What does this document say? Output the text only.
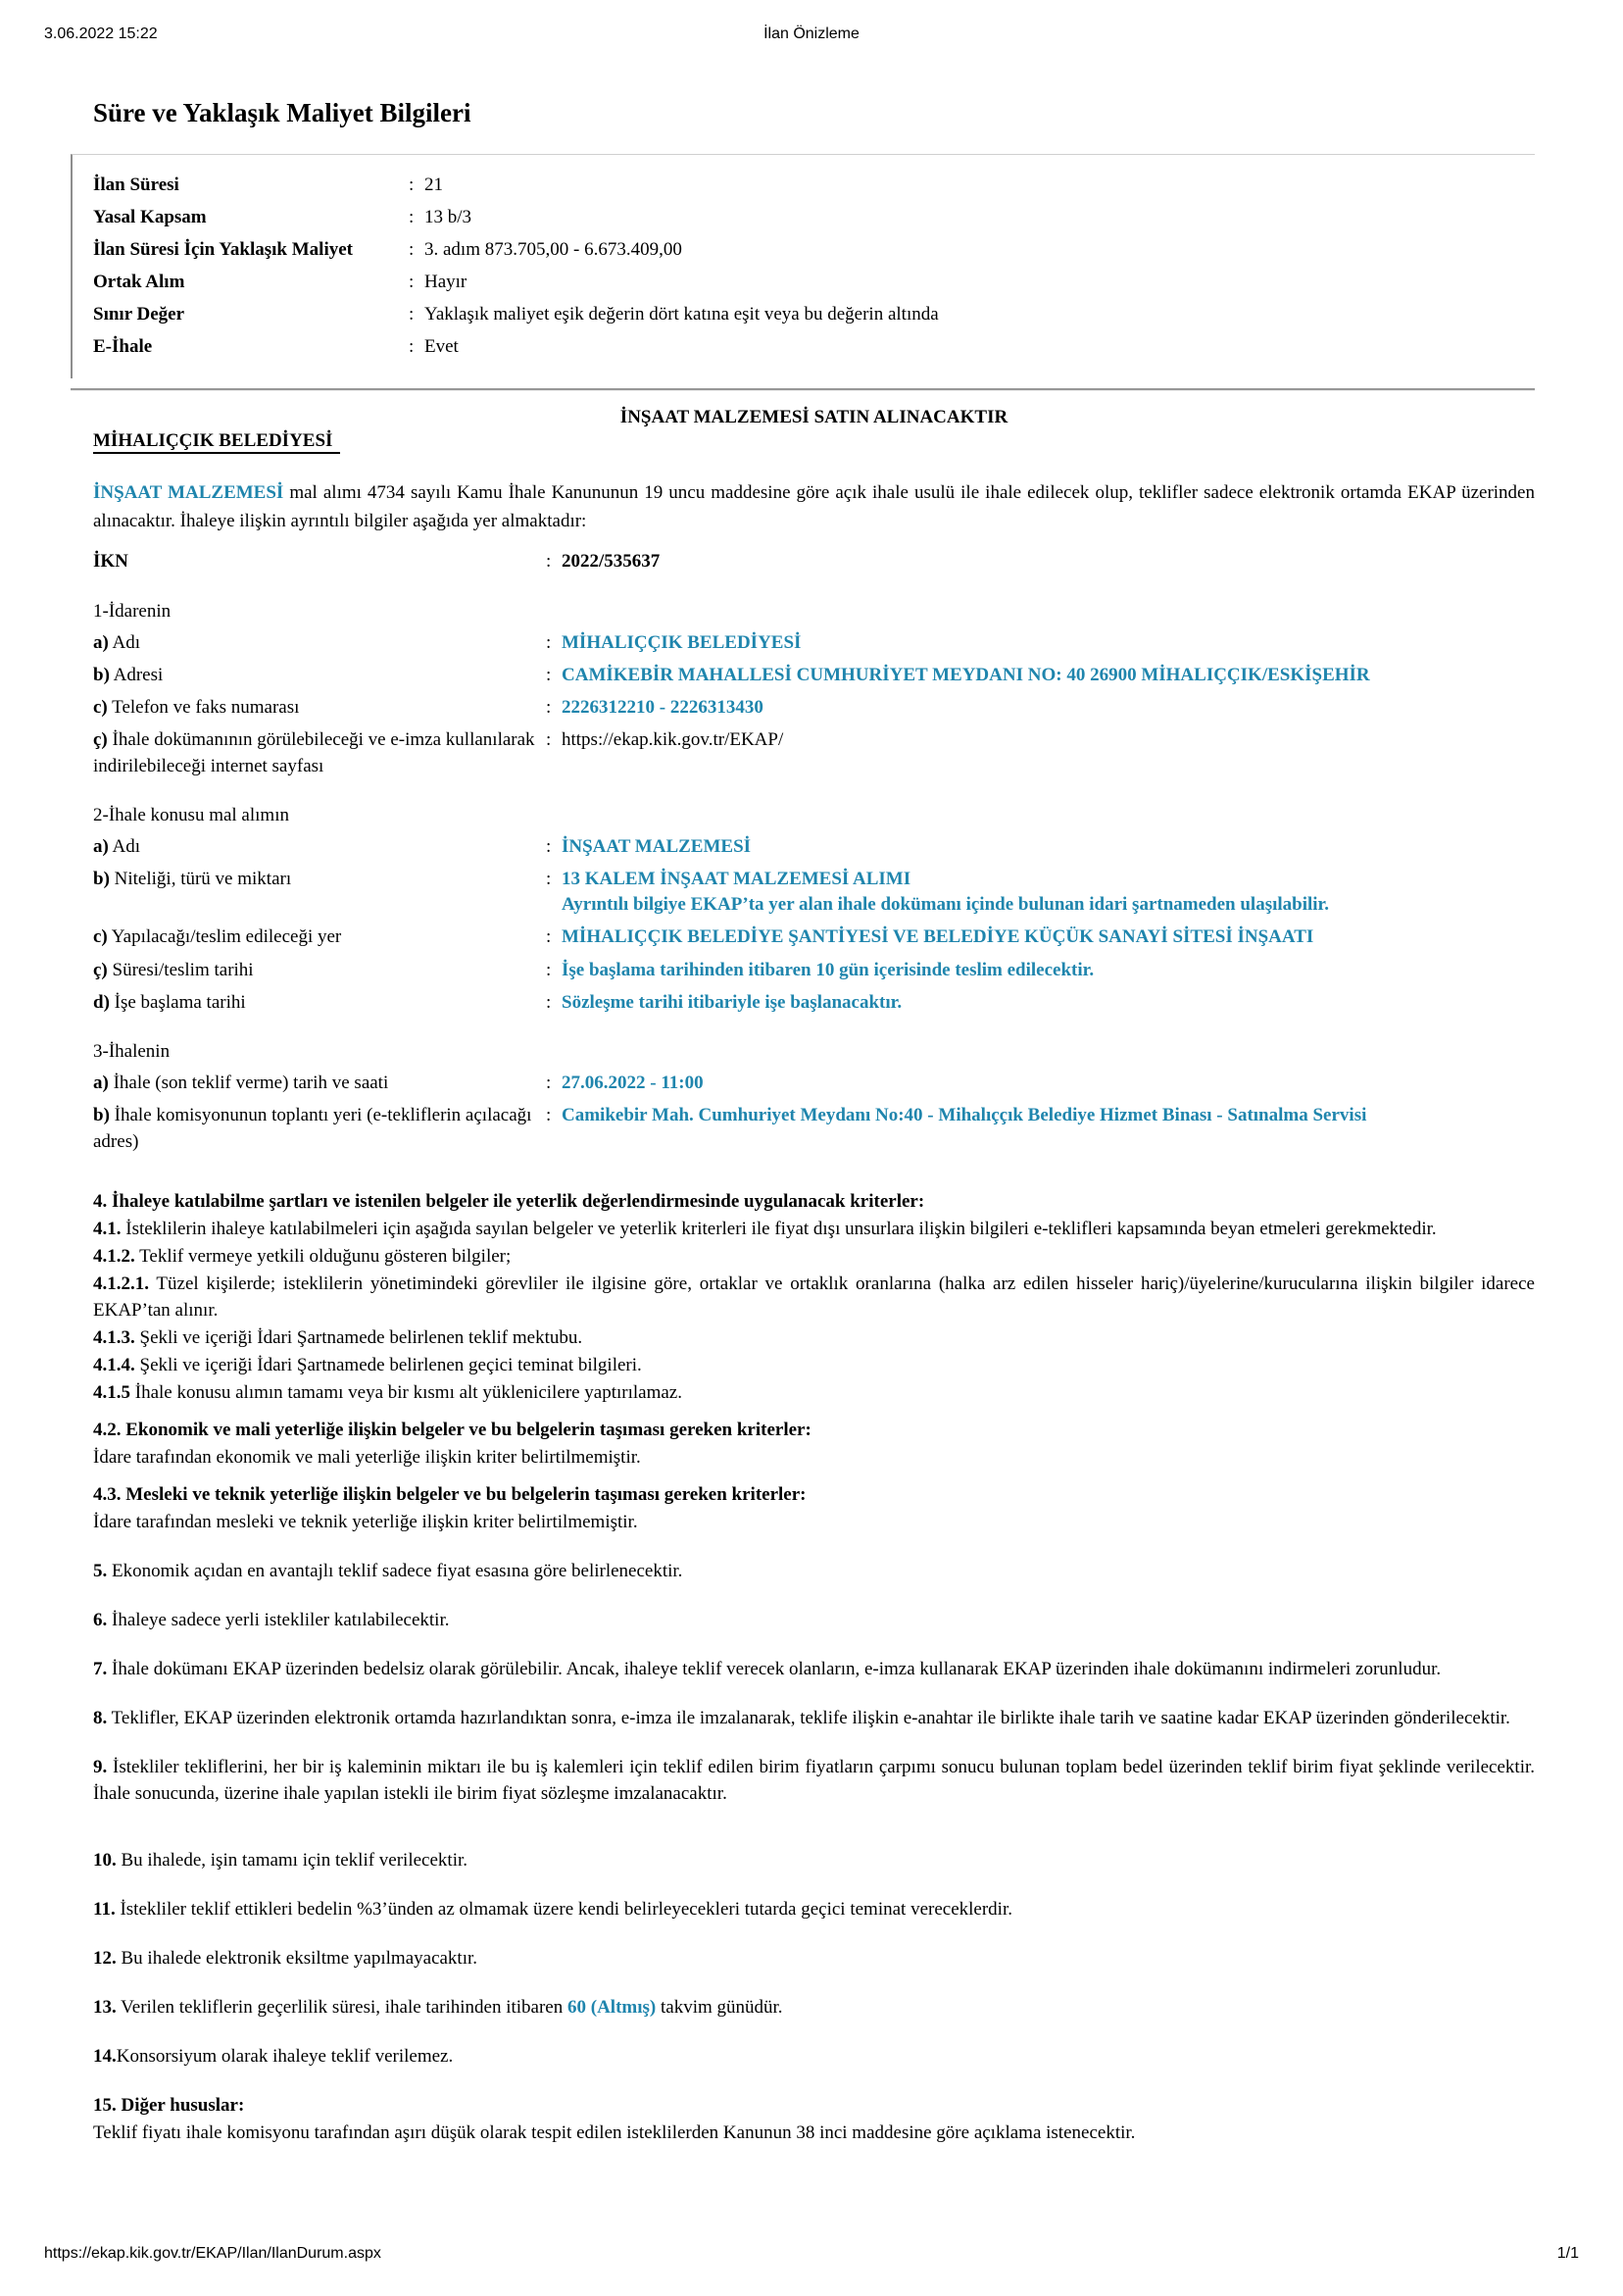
3.06.2022 15:22	İlan Önizleme
Süre ve Yaklaşık Maliyet Bilgileri
İlan Süresi	: 21
Yasal Kapsam	: 13 b/3
İlan Süresi İçin Yaklaşık Maliyet	: 3. adım 873.705,00 - 6.673.409,00
Ortak Alım	: Hayır
Sınır Değer	: Yaklaşık maliyet eşik değerin dört katına eşit veya bu değerin altında
E-İhale	: Evet
İNŞAAT MALZEMESİ SATIN ALINACAKTIR
MİHALIÇÇIK BELEDİYESİ

İNŞAAT MALZEMESİ mal alımı 4734 sayılı Kamu İhale Kanununun 19 uncu maddesine göre açık ihale usulü ile ihale edilecek olup, teklifler sadece elektronik ortamda EKAP üzerinden alınacaktır. İhaleye ilişkin ayrıntılı bilgiler aşağıda yer almaktadır:

İKN	: 2022/535637
1-İdarenin
a) Adı	: MİHALIÇÇIK BELEDİYESİ
b) Adresi	: CAMİKEBİR MAHALLESİ CUMHURİYET MEYDANI NO: 40 26900 MİHALIÇÇIK/ESKİŞEHİR
c) Telefon ve faks numarası	: 2226312210 - 2226313430
ç) İhale dokümanının görülebileceği ve e-imza kullanılarak indirilebileceği internet sayfası
: https://ekap.kik.gov.tr/EKAP/
2-İhale konusu mal alımın
a) Adı	: İNŞAAT MALZEMESİ
b) Niteliği, türü ve miktarı	: 13 KALEM İNŞAAT MALZEMESİ ALIMI
Ayrıntılı bilgiye EKAP’ta yer alan ihale dokümanı içinde bulunan idari şartnameden ulaşılabilir.
c) Yapılacağı/teslim edileceği yer	: MİHALIÇÇIK BELEDİYE ŞANTİYESİ VE BELEDİYE KÜÇÜK SANAYİ SİTESİ İNŞAATI
ç) Süresi/teslim tarihi	: İşe başlama tarihinden itibaren 10 gün içerisinde teslim edilecektir.
d) İşe başlama tarihi	: Sözleşme tarihi itibariyle işe başlanacaktır.
3-İhalenin
a) İhale (son teklif verme) tarih ve saati	: 27.06.2022 - 11:00
b) İhale komisyonunun toplantı yeri (e-tekliflerin açılacağı adres)
: Camikebir Mah. Cumhuriyet Meydanı No:40 - Mihalıççık Belediye Hizmet Binası - Satınalma Servisi

4. İhaleye katılabilme şartları ve istenilen belgeler ile yeterlik değerlendirmesinde uygulanacak kriterler:

4.1. İsteklilerin ihaleye katılabilmeleri için aşağıda sayılan belgeler ve yeterlik kriterleri ile fiyat dışı unsurlara ilişkin bilgileri e-teklifleri kapsamında beyan etmeleri gerekmektedir.

4.1.2. Teklif vermeye yetkili olduğunu gösteren bilgiler;

4.1.2.1. Tüzel kişilerde; isteklilerin yönetimindeki görevliler ile ilgisine göre, ortaklar ve ortaklık oranlarına (halka arz edilen hisseler hariç)/üyelerine/kurucularına ilişkin bilgiler idarece EKAP’tan alınır.

4.1.3. Şekli ve içeriği İdari Şartnamede belirlenen teklif mektubu.

4.1.4. Şekli ve içeriği İdari Şartnamede belirlenen geçici teminat bilgileri.

4.1.5 İhale konusu alımın tamamı veya bir kısmı alt yüklenicilere yaptırılamaz.

4.2. Ekonomik ve mali yeterliğe ilişkin belgeler ve bu belgelerin taşıması gereken kriterler:

İdare tarafından ekonomik ve mali yeterliğe ilişkin kriter belirtilmemiştir.

4.3. Mesleki ve teknik yeterliğe ilişkin belgeler ve bu belgelerin taşıması gereken kriterler:

İdare tarafından mesleki ve teknik yeterliğe ilişkin kriter belirtilmemiştir.

5. Ekonomik açıdan en avantajlı teklif sadece fiyat esasına göre belirlenecektir.

6. İhaleye sadece yerli istekliler katılabilecektir.

7. İhale dokümanı EKAP üzerinden bedelsiz olarak görülebilir. Ancak, ihaleye teklif verecek olanların, e-imza kullanarak EKAP üzerinden ihale dokümanını indirmeleri zorunludur.

8. Teklifler, EKAP üzerinden elektronik ortamda hazırlandıktan sonra, e-imza ile imzalanarak, teklife ilişkin e-anahtar ile birlikte ihale tarih ve saatine kadar EKAP üzerinden gönderilecektir.

9. İstekliler tekliflerini, her bir iş kaleminin miktarı ile bu iş kalemleri için teklif edilen birim fiyatların çarpımı sonucu bulunan toplam bedel üzerinden teklif birim fiyat şeklinde verilecektir. İhale sonucunda, üzerine ihale yapılan istekli ile birim fiyat sözleşme imzalanacaktır.

10. Bu ihalede, işin tamamı için teklif verilecektir.

11. İstekliler teklif ettikleri bedelin %3’ünden az olmamak üzere kendi belirleyecekleri tutarda geçici teminat vereceklerdir.

12. Bu ihalede elektronik eksiltme yapılmayacaktır.

13. Verilen tekliflerin geçerlilik süresi, ihale tarihinden itibaren 60 (Altmış) takvim günüdür.

14.Konsorsiyum olarak ihaleye teklif verilemez.

15. Diğer hususlar:
Teklif fiyatı ihale komisyonu tarafından aşırı düşük olarak tespit edilen isteklilerden Kanunun 38 inci maddesine göre açıklama istenecektir.

https://ekap.kik.gov.tr/EKAP/Ilan/IlanDurum.aspx	1/1
